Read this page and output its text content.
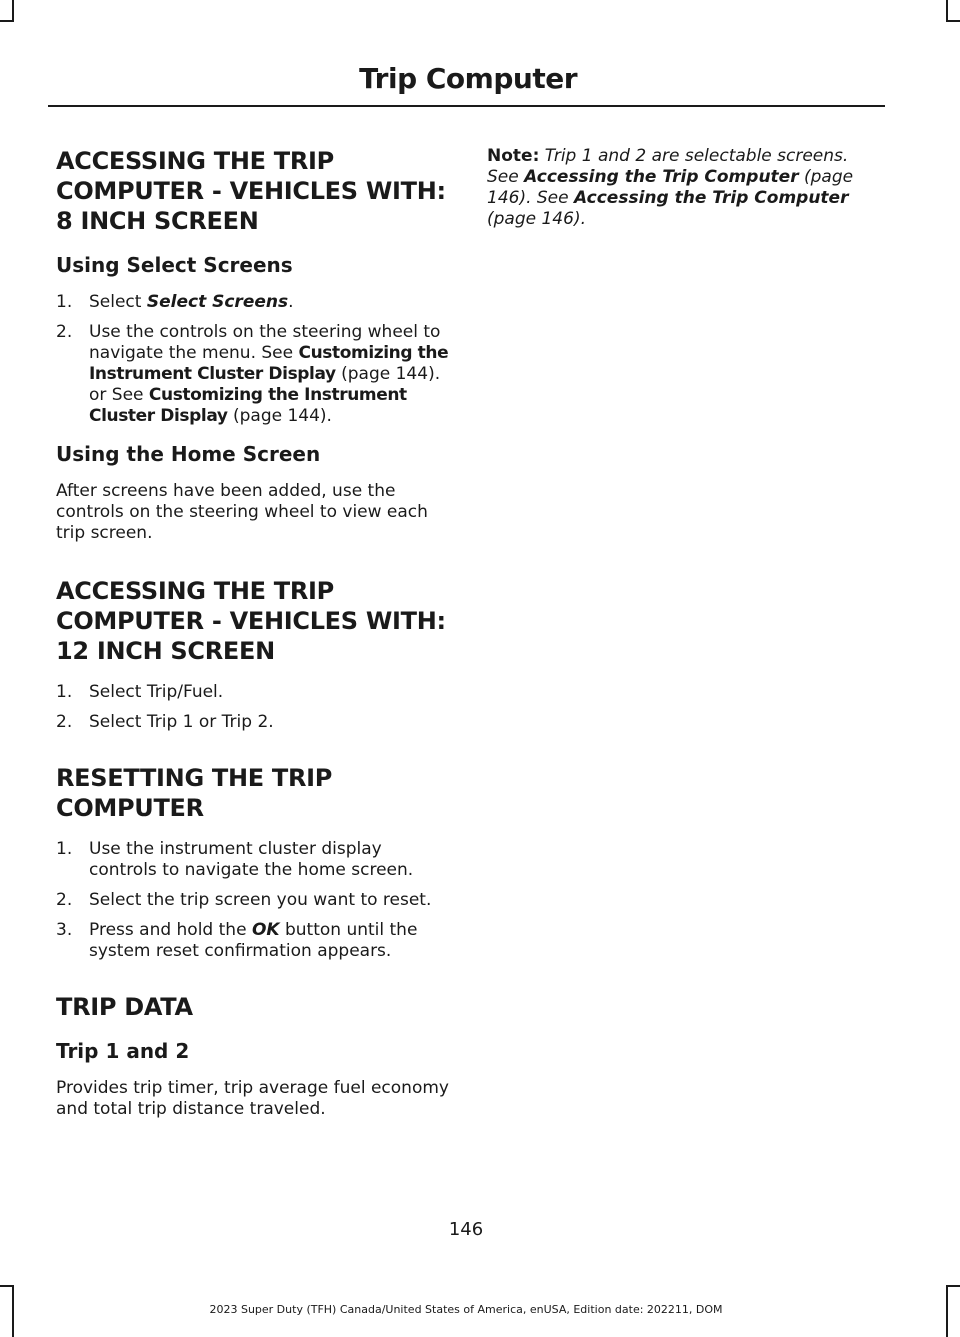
Trip Computer
ACCESSING THE TRIP
COMPUTER - VEHICLES WITH:
8 INCH SCREEN
Using Select Screens
1. Select Select Screens.
2. Use the controls on the steering wheel to navigate the menu. See Customizing the Instrument Cluster Display (page 144). or See Customizing the Instrument Cluster Display (page 144).
Using the Home Screen

After screens have been added, use the controls on the steering wheel to view each trip screen.

ACCESSING THE TRIP
COMPUTER - VEHICLES WITH:
12 INCH SCREEN
1. Select Trip/Fuel.
2. Select Trip 1 or Trip 2.
RESETTING THE TRIP
COMPUTER
1. Use the instrument cluster display controls to navigate the home screen.
2. Select the trip screen you want to reset.
3. Press and hold the OK button until the system reset confirmation appears.
TRIP DATA
Trip 1 and 2

Provides trip timer, trip average fuel economy and total trip distance traveled.

Note: Trip 1 and 2 are selectable screens. See Accessing the Trip Computer (page 146). See Accessing the Trip Computer (page 146).

146
2023 Super Duty (TFH) Canada/United States of America, enUSA, Edition date: 202211, DOM
